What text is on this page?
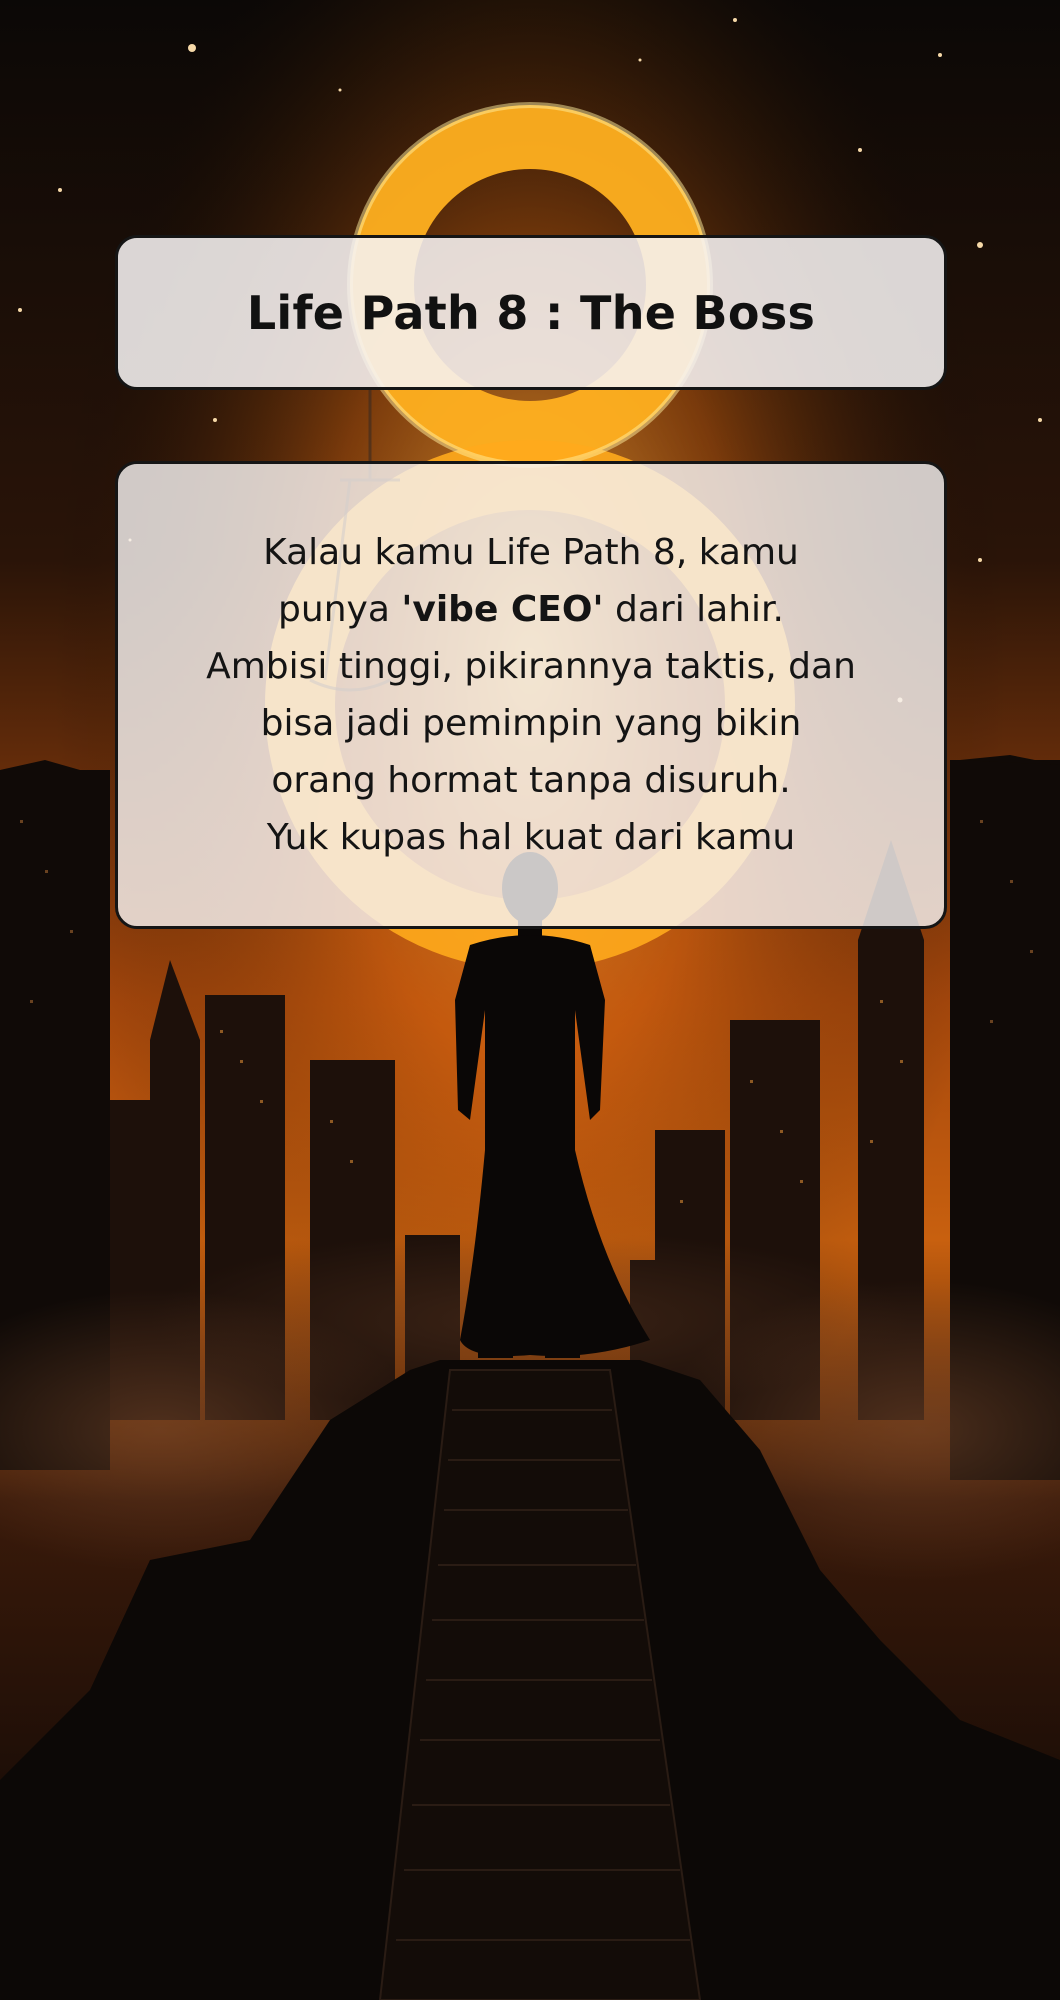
Life Path 8 : The Boss
Kalau kamu Life Path 8, kamu
punya 'vibe CEO' dari lahir.
Ambisi tinggi, pikirannya taktis, dan
bisa jadi pemimpin yang bikin
orang hormat tanpa disuruh.
Yuk kupas hal kuat dari kamu
